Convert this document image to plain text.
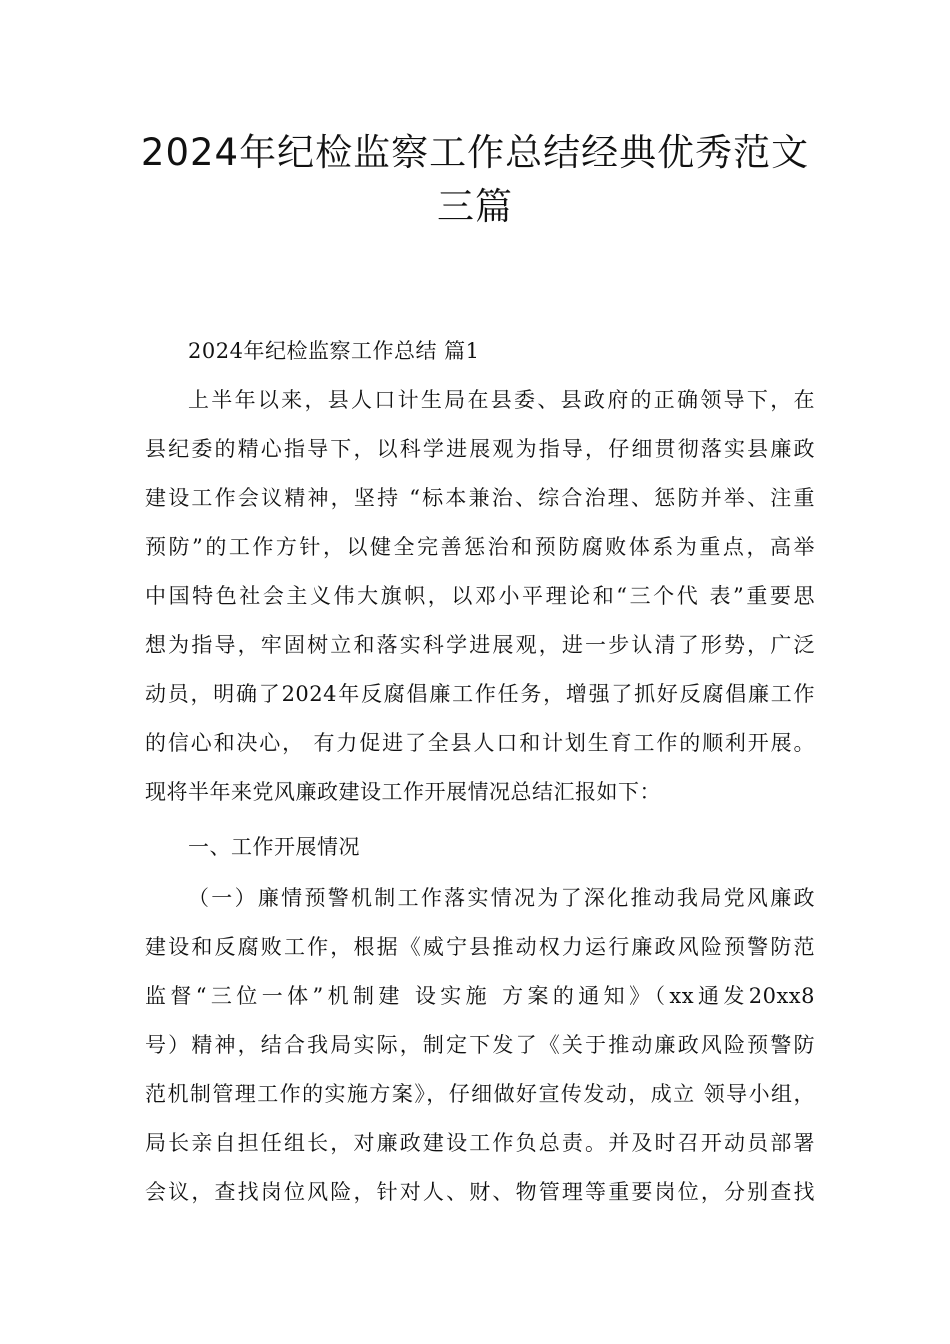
2024年纪检监察工作总结经典优秀范文
三篇
2024年纪检监察工作总结 篇1
上半年以来，县人口计生局在县委、县政府的正确领导下，在
县纪委的精心指导下，以科学进展观为指导，仔细贯彻落实县廉政
建设工作会议精神，坚持 “标本兼治、综合治理、惩防并举、注重
预防”的工作方针，以健全完善惩治和预防腐败体系为重点，高举
中国特色社会主义伟大旗帜，以邓小平理论和“三个代 表”重要思
想为指导，牢固树立和落实科学进展观，进一步认清了形势，广泛
动员，明确了2024年反腐倡廉工作任务，增强了抓好反腐倡廉工作
的信心和决心， 有力促进了全县人口和计划生育工作的顺利开展。
现将半年来党风廉政建设工作开展情况总结汇报如下：
一、工作开展情况
（一）廉情预警机制工作落实情况为了深化推动我局党风廉政
建设和反腐败工作，根据《威宁县推动权力运行廉政风险预警防范
监督“三位一体”机制建 设实施 方案的通知》（xx通发20xx8
号）精神，结合我局实际，制定下发了《关于推动廉政风险预警防
范机制管理工作的实施方案》，仔细做好宣传发动，成立 领导小组，
局长亲自担任组长，对廉政建设工作负总责。并及时召开动员部署
会议，查找岗位风险，针对人、财、物管理等重要岗位，分别查找
